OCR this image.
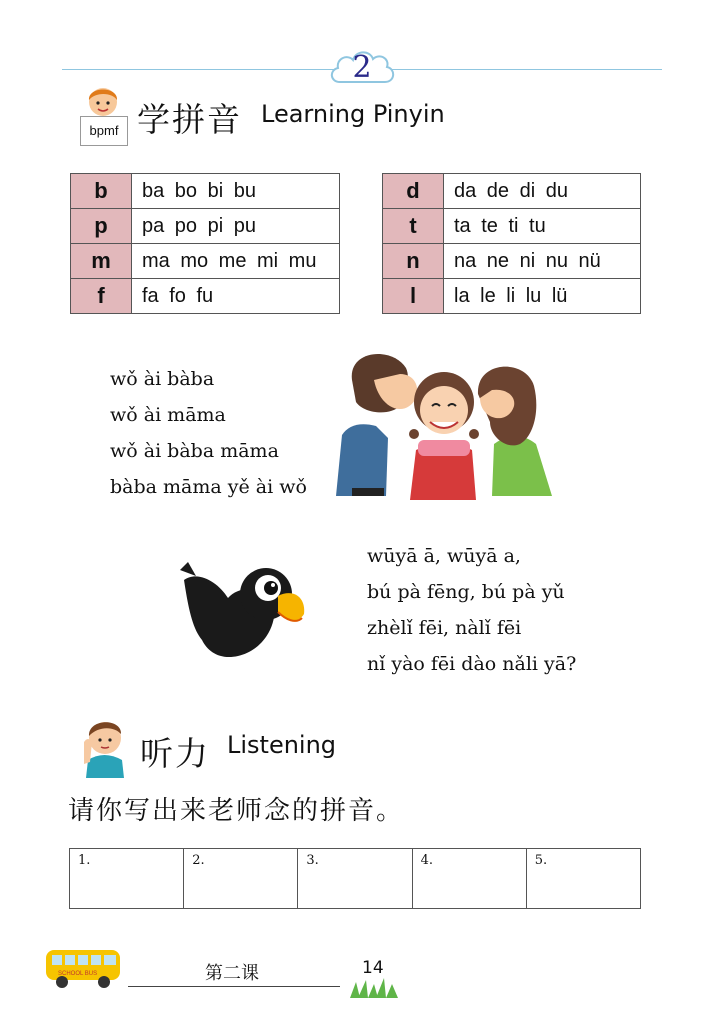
2
bpmf 学拼音 Learning Pinyin
b	ba bo bi bu
p	pa po pi pu
m	ma mo me mi mu
f	fa fo fu
d	da de di du
t	ta te ti tu
n	na ne ni nu nü
l	la le li lu lü
wǒ ài bàba
wǒ ài māma
wǒ ài bàba māma
bàba māma yě ài wǒ
wūyā ā, wūyā a,
bú pà fēng, bú pà yǔ
zhèlǐ fēi, nàlǐ fēi
nǐ yào fēi dào nǎli yā?
听力 Listening
请你写出来老师念的拼音。
1.	2.	3.	4.	5.
SCHOOL BUS	第二课	14
